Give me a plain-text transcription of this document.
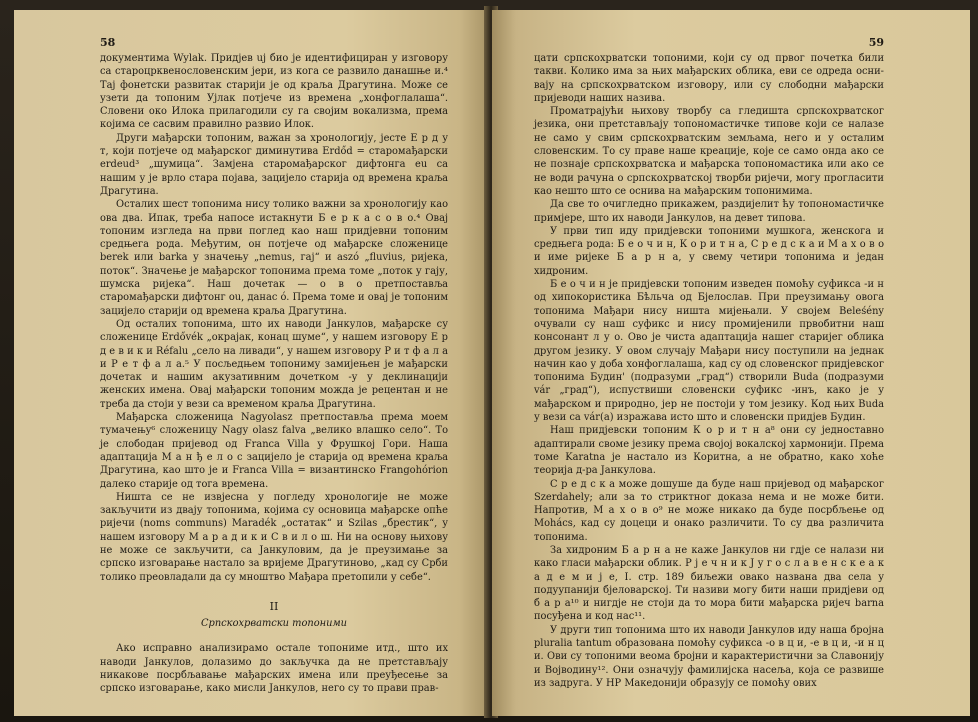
58

документима Wylak. Придјев uj био је идентифициран у изговору са староцрквенословенским јери, из кога се развило данашње и.⁴ Тај фонетски развитак старији је од краља Драгутина. Може се узети да топоним Ујлак потјече из времена „хонфоглалаша“. Словени око Илока прилагодили су га својим вокализма, према којима се сасвим правилно развио Илок.

Други мађарски топоним, важан за хронологију, јесте Е р д у т, који потјече од мађарског диминутива Erdőd = старомађарски erdeud³ „шумица“. Замјена старомађарског дифтонга eu са нашим у је врло стара појава, зацијело старија од времена краља Драгутина.

Осталих шест топонима нису толико важни за хронологију као ова два. Ипак, треба напосе истакнути Б е р к а с о в о.⁴ Овај топоним изгледа на први поглед као наш придјевни топоним средњега рода. Међутим, он потјече од мађарске сложенице berek или barka у значењу „nemus, гај“ и aszó „fluvius, ријека, поток“. Значење је мађарског топонима према томе „поток у гају, шумска ријека“. Наш дочетак — о в о претпоставља старомађарски дифтонг ou, данас ó. Према томе и овај је топоним зацијело старији од времена краља Драгутина.

Од осталих топонима, што их наводи Јанкулов, мађарске су сложенице Erdővék „окрајак, конац шуме“, у нашем изговору Е р д е в и к и Réfalu „село на ливади“, у нашем изговору Р и т ф а л а и Р е т ф а л а.⁵ У посљедњем топониму замијењен је мађарски дочетак и нашим акузативним дочетком -у у деклинацији женских имена. Овај мађарски топоним можда је рецентан и не треба да стоји у вези са временом краља Драгутина.

Мађарска сложеница Nagyolasz претпоставља према моем тумачењу⁶ сложеницу Nagy olasz falva „велико влашко село“. То је слободан пријевод од Franca Villa у Фрушкој Гори. Наша адаптација М а н ђ е л о с зацијело је старија од времена краља Драгутина, као што је и Franca Villa = византинско Frangohórion далеко старије од тога времена.

Ништа се не извјесна у погледу хронологије не може закључити из двају топонима, којима су основица мађарске опће ријечи (noms communs) Maradék „остатак“ и Szilas „брестик“, у нашем изговору М а р а д и к и С в и л о ш. Ни на основу њихову не може се закључити, са Јанкуловим, да је преузимање за српско изговарање настало за вријеме Драгутиново, „кад су Срби толико преовладали да су мноштво Мађара претопили у себе“.

II

Српскохрватски топоними

Ако исправно анализирамо остале топониме итд., што их наводи Јанкулов, долазимо до закључка да не претстављају никакове посрбљавање мађарских имена или преуђесење за српско изговарање, како мисли Јанкулов, него су то прави прав-

59

цати српскохрватски топоними, који су од првог почетка били такви. Колико има за њих мађарских облика, еви се одреда оснивају на српскохрватском изговору, или су слободни мађарски пријеводи наших назива.

Проматрајући њихову творбу са гледишта српскохрватског језика, они претстављају топономастичке типове који се налазе не само у свим српскохрватским земљама, него и у осталим словенским. То су праве наше креације, које се само онда ако се не познаје српскохрватска и мађарска топономастика или ако се не води рачуна о српскохрватској творби ријечи, могу прогласити као нешто што се оснива на мађарским топонимима.

Да све то очигледно прикажем, раздијелит ћу топономастичке примјере, што их наводи Јанкулов, на девет типова.

У први тип иду придјевски топоними мушкога, женскога и средњега рода: Б е о ч и н, К о р и т н а, С р е д с к а и М а х о в о и име ријеке Б а р н а, у свему четири топонима и један хидроним.

Б е о ч и н је придјевски топоним изведен помоћу суфикса -и н од хипокористика Бѣльча од Бјелослав. При преузимању овога топонима Мађари нису ништа мијењали. У својем Beleśény очували су наш суфикс и нису промијенили првобитни наш консонант л у о. Ово је чиста адаптација нашег старијег облика другом језику. У овом случају Мађари нису поступили на једнак начин као у доба хонфоглалаша, кад су од словенског придјевског топонима Будин' (подразуми „град“) створили Buda (подразуми vár „град“), испуствиши словенски суфикс -инъ, како је у мађарском и природно, јер не постоји у том језику. Код њих Buda у вези са vár(a) изражава исто што и словенски придјев Будин.

Наш придјевски топоним К о р и т н а⁸ они су једноставно адаптирали своме језику према својој вокалској хармонији. Према томе Karatna је настало из Коритна, а не обратно, како хоће теорија д-ра Јанкулова.

С р е д с к а може дошуше да буде наш пријевод од мађарског Szerdahely; али за то стриктног доказа нема и не може бити. Напротив, М а х о в о⁹ не може никако да буде посрбљење од Mohács, кад су доцеци и онако различити. То су два различита топонима.

За хидроним Б а р н а не каже Јанкулов ни гдје се налази ни како гласи мађарски облик. Р ј е ч н и к Ј у г о с л а в е н с к е а к а д е м и ј е, I. стр. 189 биљежи овако названа два села у подуупанији бјеловарској. Ти називи могу бити наши придјеви од б а р а¹⁰ и нигдје не стоји да то мора бити мађарска ријеч barna посуђена и код нас¹¹.

У други тип топонима што их наводи Јанкулов иду наша бројна pluralia tantum образована помоћу суфикса -о в ц и, -е в ц и, -и н ц и. Ови су топоними веома бројни и карактеристични за Славонију и Војводину¹². Они означују фамилијска насеља, која се развише из задруга. У НР Македонији образују се помоћу ових
